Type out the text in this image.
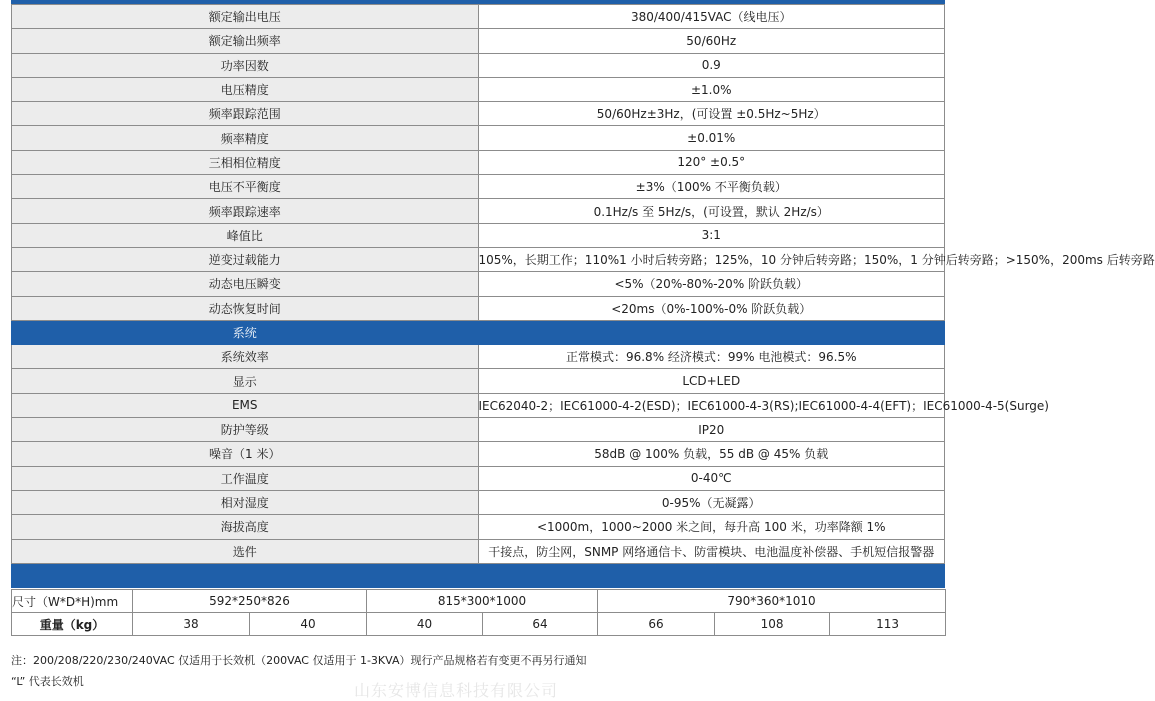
额定输出电压	380/400/415VAC（线电压）
额定输出频率	50/60Hz
功率因数	0.9
电压精度	±1.0%
频率跟踪范围	50/60Hz±3Hz，(可设置 ±0.5Hz~5Hz）
频率精度	±0.01%
三相相位精度	120° ±0.5°
电压不平衡度	±3%（100% 不平衡负载）
频率跟踪速率	0.1Hz/s 至 5Hz/s，(可设置，默认 2Hz/s）
峰值比	3:1
逆变过载能力	105%，长期工作；110%1 小时后转旁路；125%，10 分钟后转旁路；150%，1 分钟后转旁路；>150%，200ms 后转旁路
动态电压瞬变	<5%（20%-80%-20% 阶跃负载）
动态恢复时间	<20ms（0%-100%-0% 阶跃负载）
系统	
系统效率	正常模式：96.8% 经济模式：99% 电池模式：96.5%
显示	LCD+LED
EMS	IEC62040-2；IEC61000-4-2(ESD)；IEC61000-4-3(RS);IEC61000-4-4(EFT)；IEC61000-4-5(Surge)
防护等级	IP20
噪音（1 米）	58dB @ 100% 负载，55 dB @ 45% 负载
工作温度	0-40℃
相对湿度	0-95%（无凝露）
海拔高度	<1000m，1000~2000 米之间，每升高 100 米，功率降额 1%
选件	干接点，防尘网，SNMP 网络通信卡、防雷模块、电池温度补偿器、手机短信报警器

尺寸（W*D*H)mm	592*250*826		815*300*1000		790*360*1010		
重量（kg）	38	40	40	64	66	108	113
注：200/208/220/230/240VAC 仅适用于长效机（200VAC 仅适用于 1-3KVA）现行产品规格若有变更不再另行通知
“L” 代表长效机	山东安博信息科技有限公司
